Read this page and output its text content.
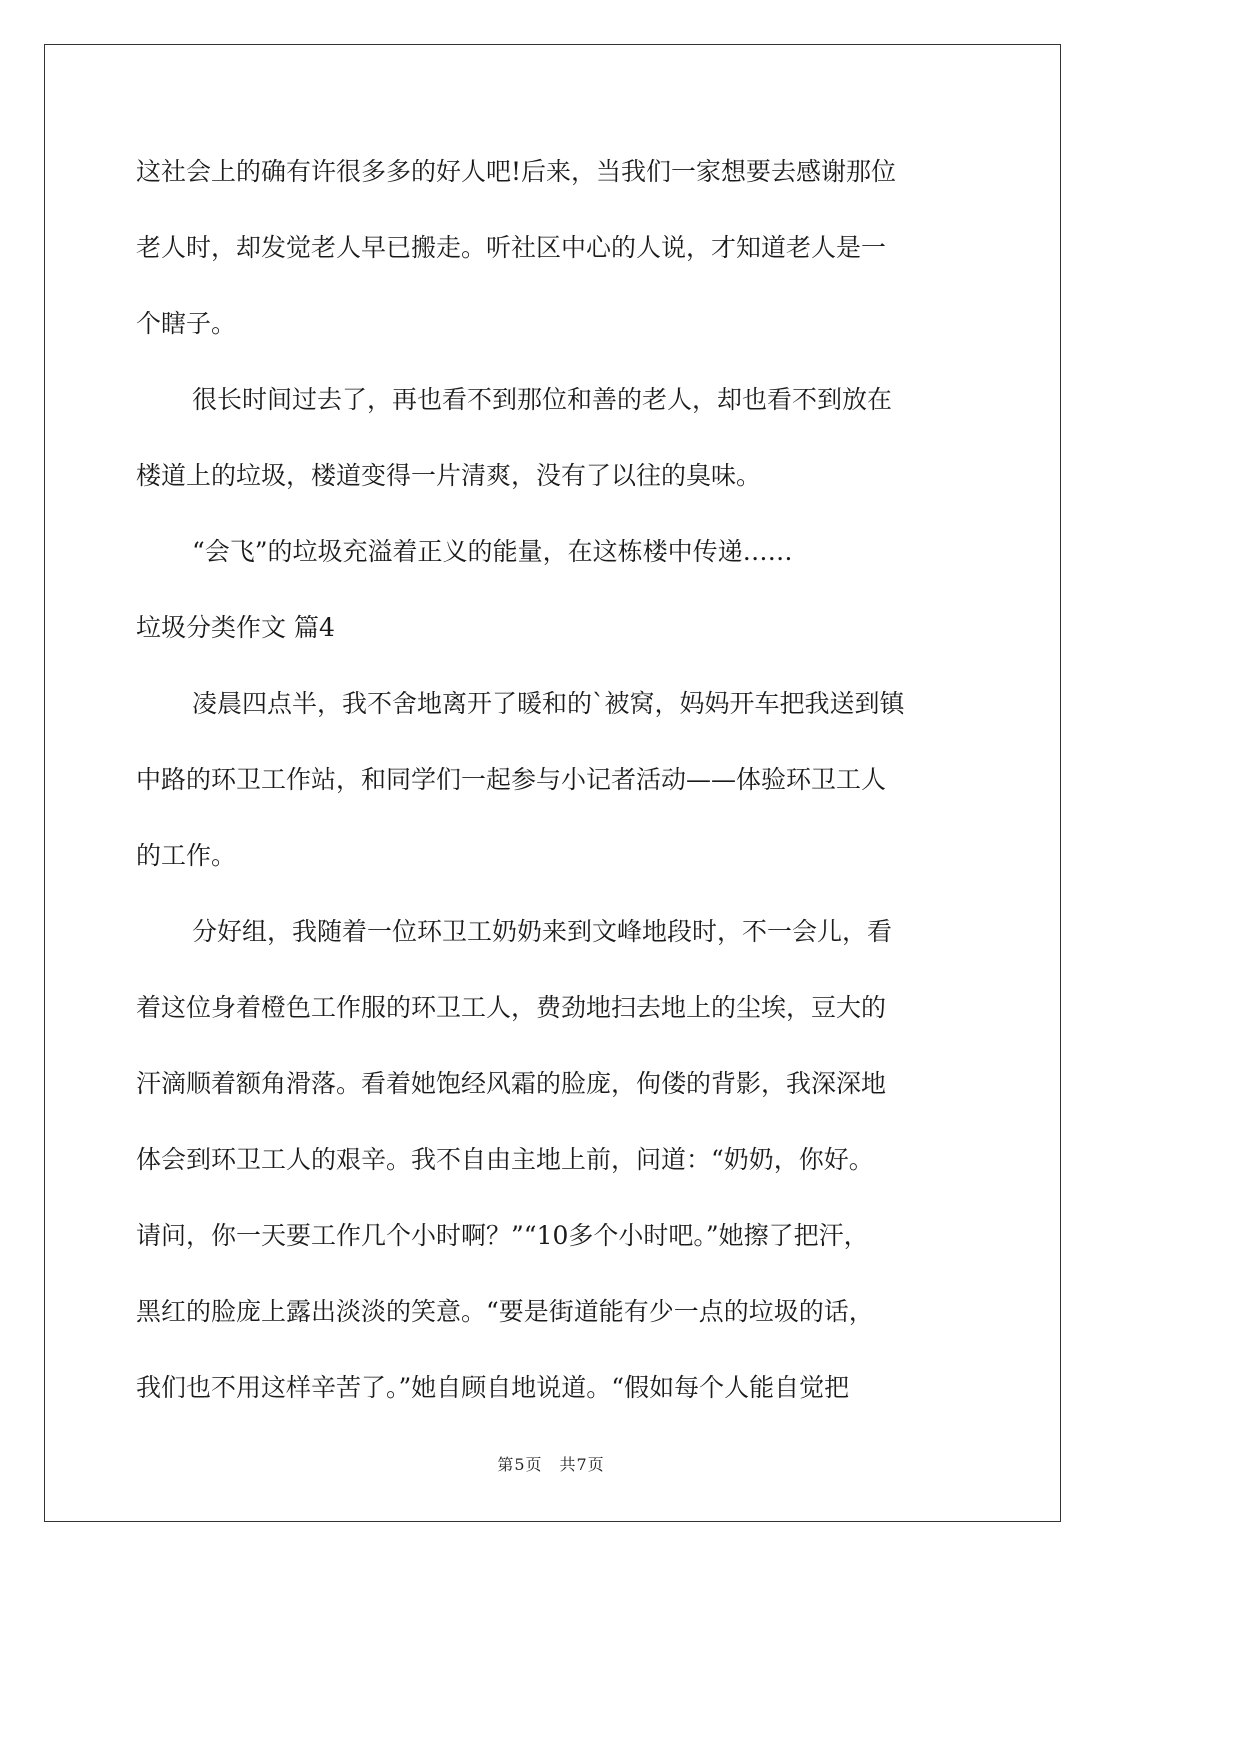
这社会上的确有许很多多的好人吧!后来，当我们一家想要去感谢那位
老人时，却发觉老人早已搬走。听社区中心的人说，才知道老人是一
个瞎子。
很长时间过去了，再也看不到那位和善的老人，却也看不到放在
楼道上的垃圾，楼道变得一片清爽，没有了以往的臭味。
“会飞”的垃圾充溢着正义的能量，在这栋楼中传递……
垃圾分类作文 篇4
凌晨四点半，我不舍地离开了暖和的`被窝，妈妈开车把我送到镇
中路的环卫工作站，和同学们一起参与小记者活动——体验环卫工人
的工作。
分好组，我随着一位环卫工奶奶来到文峰地段时，不一会儿，看
着这位身着橙色工作服的环卫工人，费劲地扫去地上的尘埃，豆大的
汗滴顺着额角滑落。看着她饱经风霜的脸庞，佝偻的背影，我深深地
体会到环卫工人的艰辛。我不自由主地上前，问道：“奶奶，你好。
请问，你一天要工作几个小时啊？”“10多个小时吧。”她擦了把汗，
黑红的脸庞上露出淡淡的笑意。“要是街道能有少一点的垃圾的话，
我们也不用这样辛苦了。”她自顾自地说道。“假如每个人能自觉把
第5页　共7页
